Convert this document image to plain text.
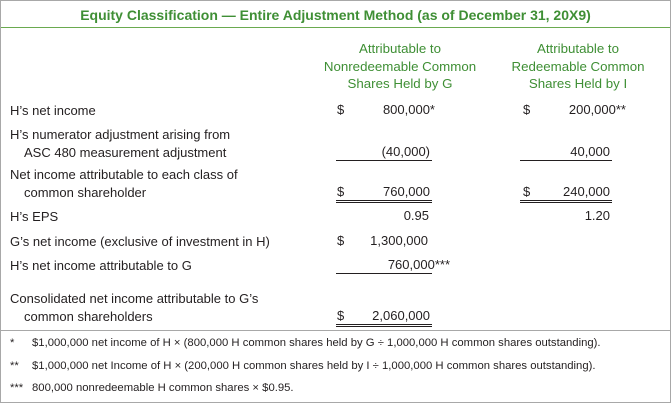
Equity Classification — Entire Adjustment Method (as of December 31, 20X9)
Attributable to
Nonredeemable Common
Shares Held by G
Attributable to
Redeemable Common
Shares Held by I
H’s net income	$	800,000*	$	200,000**
H’s numerator adjustment arising from
ASC 480 measurement adjustment	(40,000)	40,000
Net income attributable to each class of
common shareholder	$	760,000	$	240,000
H’s EPS	0.95	1.20
G’s net income (exclusive of investment in H)	$	1,300,000
H’s net income attributable to G	760,000***
Consolidated net income attributable to G’s
common shareholders	$	2,060,000
* $1,000,000 net income of H × (800,000 H common shares held by G ÷ 1,000,000 H common shares outstanding).
** $1,000,000 net Income of H × (200,000 H common shares held by I ÷ 1,000,000 H common shares outstanding).
*** 800,000 nonredeemable H common shares × $0.95.
